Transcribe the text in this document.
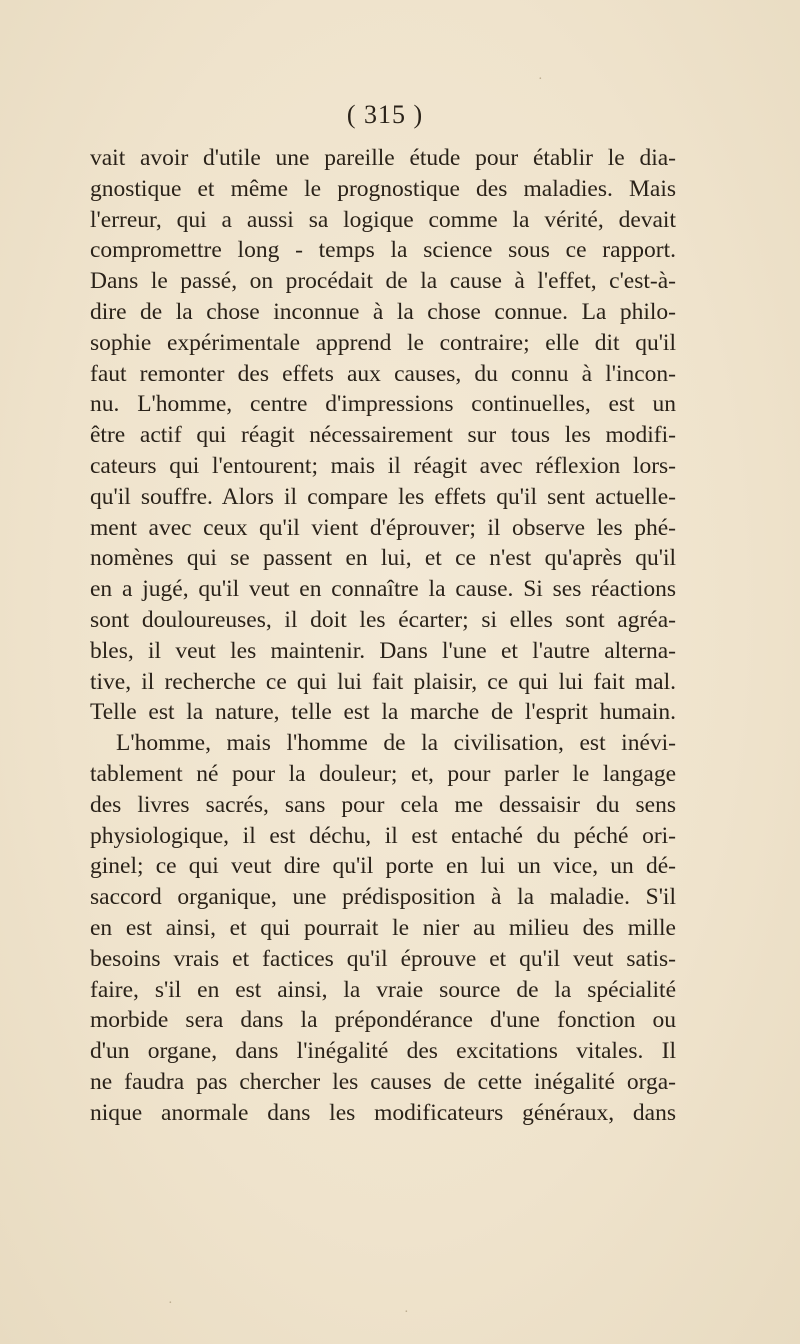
( 315 )
vait avoir d'utile une pareille étude pour établir le dia-
gnostique et même le prognostique des maladies. Mais
l'erreur, qui a aussi sa logique comme la vérité, devait
compromettre long - temps la science sous ce rapport.
Dans le passé, on procédait de la cause à l'effet, c'est-à-
dire de la chose inconnue à la chose connue. La philo-
sophie expérimentale apprend le contraire; elle dit qu'il
faut remonter des effets aux causes, du connu à l'incon-
nu. L'homme, centre d'impressions continuelles, est un
être actif qui réagit nécessairement sur tous les modifi-
cateurs qui l'entourent; mais il réagit avec réflexion lors-
qu'il souffre. Alors il compare les effets qu'il sent actuelle-
ment avec ceux qu'il vient d'éprouver; il observe les phé-
nomènes qui se passent en lui, et ce n'est qu'après qu'il
en a jugé, qu'il veut en connaître la cause. Si ses réactions
sont douloureuses, il doit les écarter; si elles sont agréa-
bles, il veut les maintenir. Dans l'une et l'autre alterna-
tive, il recherche ce qui lui fait plaisir, ce qui lui fait mal.
Telle est la nature, telle est la marche de l'esprit humain.
L'homme, mais l'homme de la civilisation, est inévi-
tablement né pour la douleur; et, pour parler le langage
des livres sacrés, sans pour cela me dessaisir du sens
physiologique, il est déchu, il est entaché du péché ori-
ginel; ce qui veut dire qu'il porte en lui un vice, un dé-
saccord organique, une prédisposition à la maladie. S'il
en est ainsi, et qui pourrait le nier au milieu des mille
besoins vrais et factices qu'il éprouve et qu'il veut satis-
faire, s'il en est ainsi, la vraie source de la spécialité
morbide sera dans la prépondérance d'une fonction ou
d'un organe, dans l'inégalité des excitations vitales. Il
ne faudra pas chercher les causes de cette inégalité orga-
nique anormale dans les modificateurs généraux, dans
·
·
·
